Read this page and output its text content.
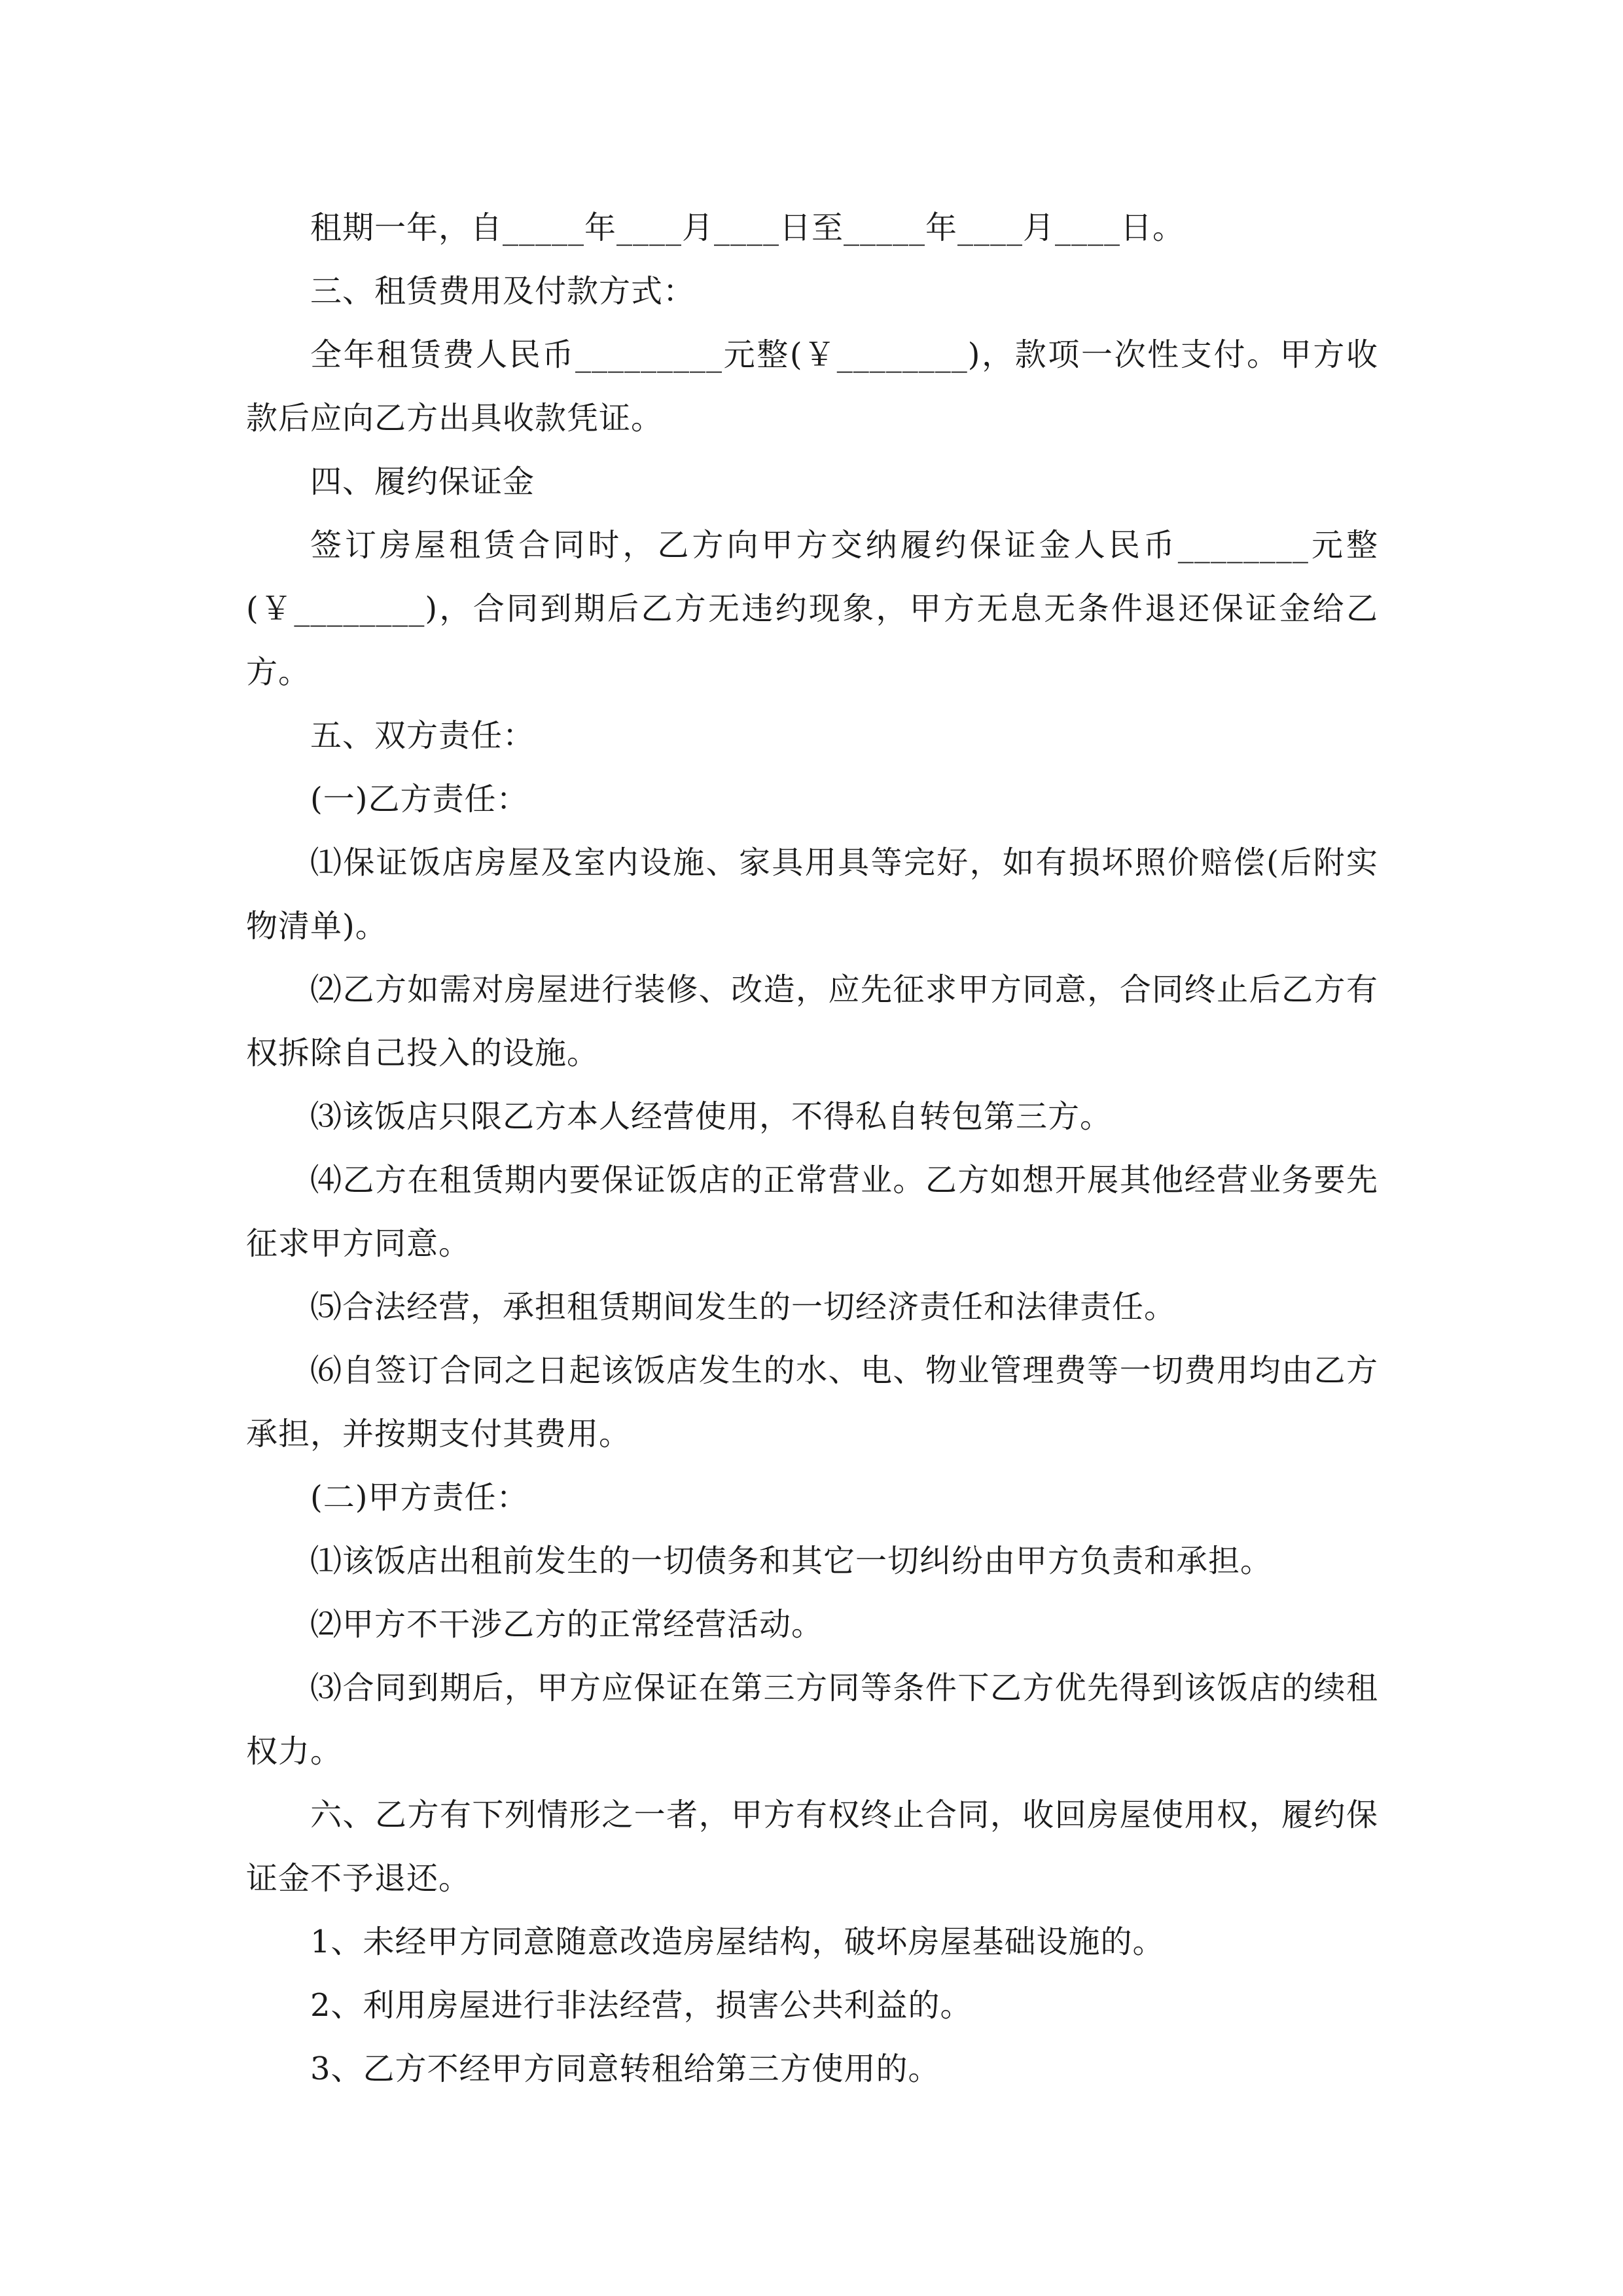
租期一年，自_____年____月____日至_____年____月____日。

三、租赁费用及付款方式：

全年租赁费人民币_________元整(￥________)，款项一次性支付。甲方收款后应向乙方出具收款凭证。

四、履约保证金

签订房屋租赁合同时，乙方向甲方交纳履约保证金人民币________元整(￥________)，合同到期后乙方无违约现象，甲方无息无条件退还保证金给乙方。

五、双方责任：

(一)乙方责任：

⑴保证饭店房屋及室内设施、家具用具等完好，如有损坏照价赔偿(后附实物清单)。

⑵乙方如需对房屋进行装修、改造，应先征求甲方同意，合同终止后乙方有权拆除自己投入的设施。

⑶该饭店只限乙方本人经营使用，不得私自转包第三方。

⑷乙方在租赁期内要保证饭店的正常营业。乙方如想开展其他经营业务要先征求甲方同意。

⑸合法经营，承担租赁期间发生的一切经济责任和法律责任。

⑹自签订合同之日起该饭店发生的水、电、物业管理费等一切费用均由乙方承担，并按期支付其费用。

(二)甲方责任：

⑴该饭店出租前发生的一切债务和其它一切纠纷由甲方负责和承担。

⑵甲方不干涉乙方的正常经营活动。

⑶合同到期后，甲方应保证在第三方同等条件下乙方优先得到该饭店的续租权力。

六、乙方有下列情形之一者，甲方有权终止合同，收回房屋使用权，履约保证金不予退还。

1、未经甲方同意随意改造房屋结构，破坏房屋基础设施的。

2、利用房屋进行非法经营，损害公共利益的。

3、乙方不经甲方同意转租给第三方使用的。
